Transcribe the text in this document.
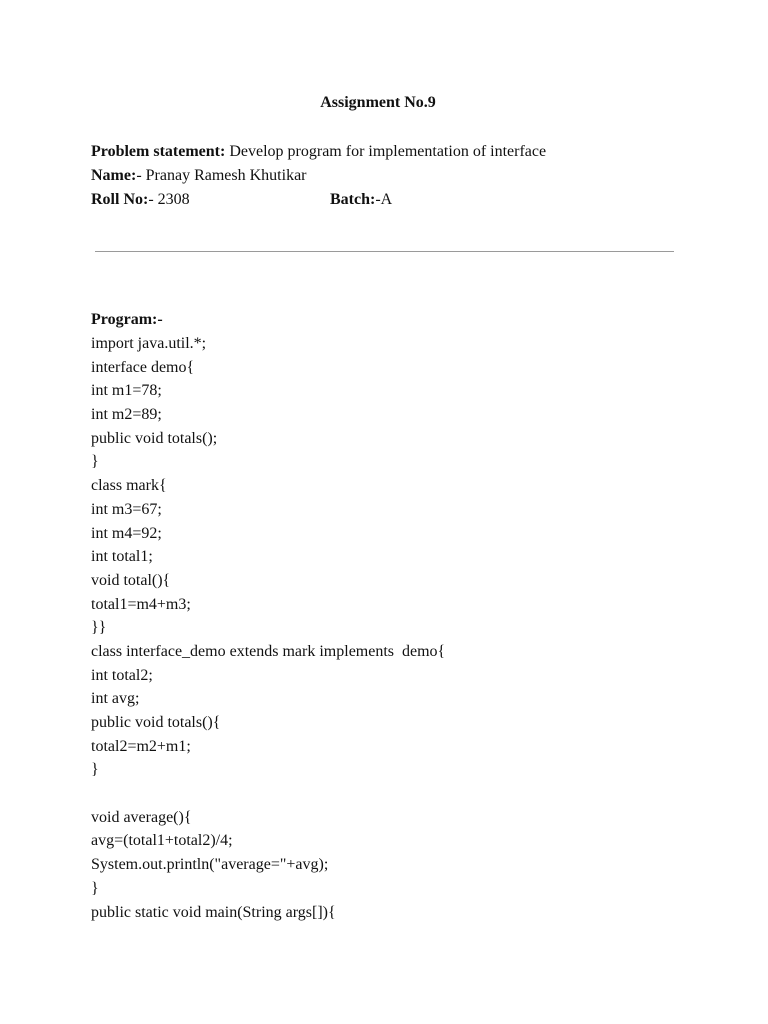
Assignment No.9
Problem statement: Develop program for implementation of interface
Name:- Pranay Ramesh Khutikar
Roll No:- 2308	Batch:-A
Program:-
import java.util.*;
interface demo{
int m1=78;
int m2=89;
public void totals();
}
class mark{
int m3=67;
int m4=92;
int total1;
void total(){
total1=m4+m3;
}}
class interface_demo extends mark implements  demo{
int total2;
int avg;
public void totals(){
total2=m2+m1;
}
void average(){
avg=(total1+total2)/4;
System.out.println("average="+avg);
}
public static void main(String args[]){
